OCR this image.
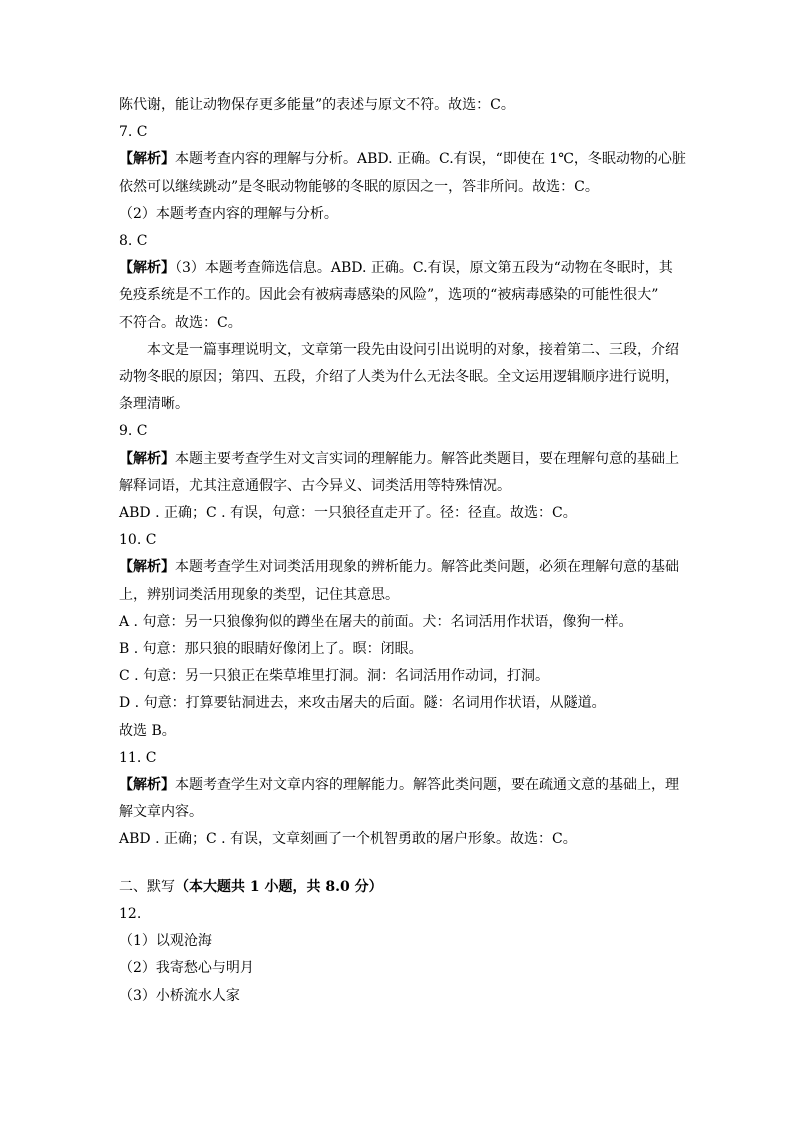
陈代谢，能让动物保存更多能量”的表述与原文不符。故选：C。

7. C

【解析】本题考查内容的理解与分析。ABD. 正确。C.有误，“即使在 1℃，冬眠动物的心脏

依然可以继续跳动”是冬眠动物能够的冬眠的原因之一，答非所问。故选：C。

（2）本题考查内容的理解与分析。

8. C

【解析】（3）本题考查筛选信息。ABD. 正确。C.有误，原文第五段为“动物在冬眠时，其

免疫系统是不工作的。因此会有被病毒感染的风险”，选项的“被病毒感染的可能性很大”

不符合。故选：C。

本文是一篇事理说明文，文章第一段先由设问引出说明的对象，接着第二、三段，介绍

动物冬眠的原因；第四、五段，介绍了人类为什么无法冬眠。全文运用逻辑顺序进行说明，

条理清晰。

9. C

【解析】本题主要考查学生对文言实词的理解能力。解答此类题目，要在理解句意的基础上

解释词语，尤其注意通假字、古今异义、词类活用等特殊情况。

ABD . 正确；C . 有误，句意：一只狼径直走开了。径：径直。故选：C。

10. C

【解析】本题考查学生对词类活用现象的辨析能力。解答此类问题，必须在理解句意的基础

上，辨别词类活用现象的类型，记住其意思。

A . 句意：另一只狼像狗似的蹲坐在屠夫的前面。犬：名词活用作状语，像狗一样。

B . 句意：那只狼的眼睛好像闭上了。暝：闭眼。

C . 句意：另一只狼正在柴草堆里打洞。洞：名词活用作动词，打洞。

D . 句意：打算要钻洞进去，来攻击屠夫的后面。隧：名词用作状语，从隧道。

故选 B。

11. C

【解析】本题考查学生对文章内容的理解能力。解答此类问题，要在疏通文意的基础上，理

解文章内容。

ABD . 正确；C . 有误，文章刻画了一个机智勇敢的屠户形象。故选：C。

二、默写（本大题共 1 小题，共 8.0 分）

12.

（1）以观沧海

（2）我寄愁心与明月

（3）小桥流水人家
